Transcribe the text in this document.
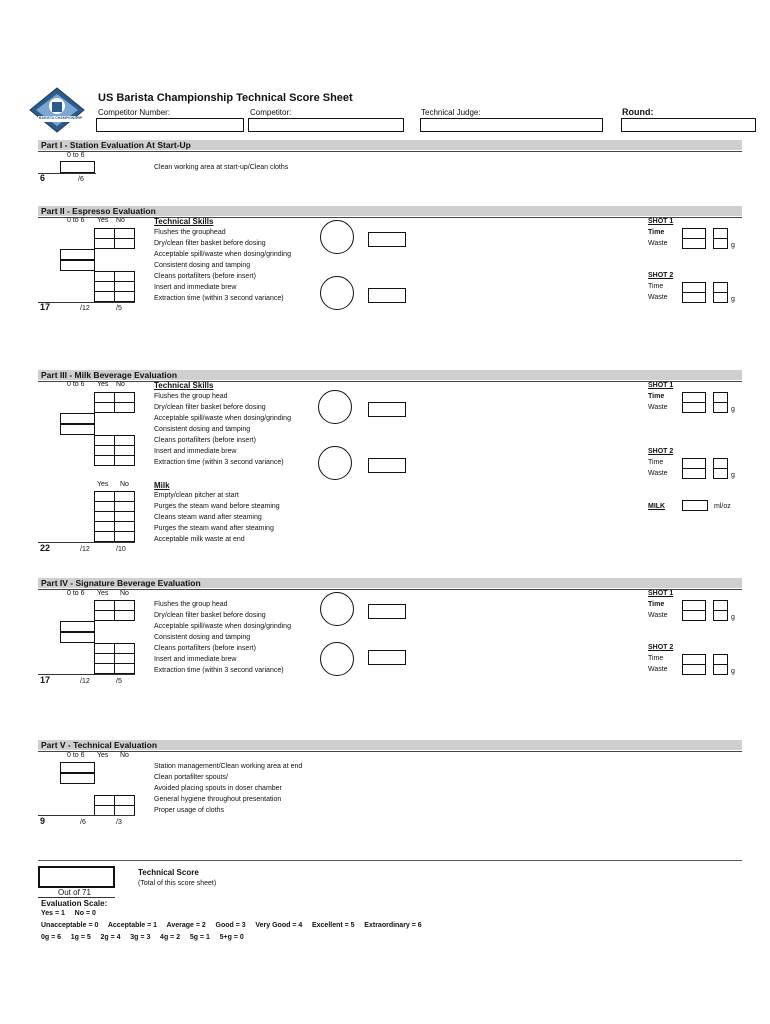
BARISTA CHAMPIONSHIP
US Barista Championship Technical Score Sheet
Competitor Number:	Competitor:	Technical Judge:	Round:
Part I - Station Evaluation At Start-Up
0 to 6
Clean working area at start-up/Clean cloths
6	/6
Part II - Espresso Evaluation
0 to 6 Yes No	Technical Skills
Flushes the grouphead
Dry/clean filter basket before dosing
Acceptable spill/waste when dosing/grinding
Consistent dosing and tamping
Cleans portafilters (before insert)
Insert and immediate brew
Extraction time (within 3 second variance)
SHOT 1
Time
Waste	g
SHOT 2
Time
Waste	g
17	/12	/5
Part III - Milk Beverage Evaluation
0 to 6 Yes No	Technical Skills
Flushes the group head
Dry/clean filter basket before dosing
Acceptable spill/waste when dosing/grinding
Consistent dosing and tamping
Cleans portafilters (before insert)
Insert and immediate brew
Extraction time (within 3 second variance)
SHOT 1
Time
Waste	g
SHOT 2
Time
Waste	g
Yes No	Milk
Empty/clean pitcher at start
Purges the steam wand before steaming
Cleans steam wand after steaming
Purges the steam wand after steaming
Acceptable milk waste at end
MILK	ml/oz
22	/12	/10
Part IV - Signature Beverage Evaluation
0 to 6 Yes No
Flushes the group head
Dry/clean filter basket before dosing
Acceptable spill/waste when dosing/grinding
Consistent dosing and tamping
Cleans portafilters (before insert)
Insert and immediate brew
Extraction time (within 3 second variance)
SHOT 1
Time
Waste	g
SHOT 2
Time
Waste	g
17	/12	/5
Part V - Technical Evaluation
0 to 6 Yes No
Station management/Clean working area at end
Clean portafilter spouts/
Avoided placing spouts in doser chamber
General hygiene throughout presentation
Proper usage of cloths
9	/6	/3
Out of 71
Technical Score
(Total of this score sheet)
Evaluation Scale:
Yes = 1     No = 0
Unacceptable = 0     Acceptable = 1     Average = 2     Good = 3     Very Good = 4     Excellent = 5     Extraordinary = 6
0g = 6     1g = 5     2g = 4     3g = 3     4g = 2     5g = 1     5+g = 0
